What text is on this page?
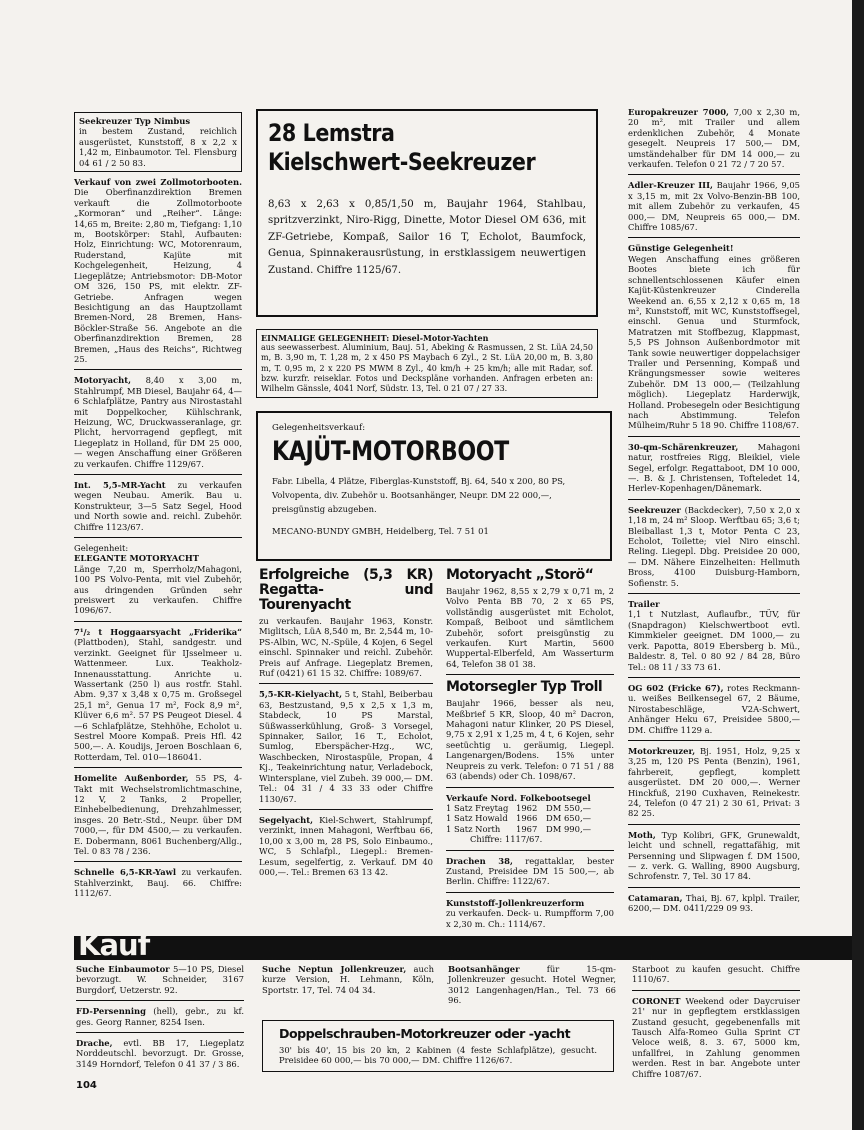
Seekreuzer Typ Nimbus

in bestem Zustand, reichlich ausgerüstet, Kunststoff, 8 x 2,2 x 1,42 m, Einbaumotor. Tel. Flensburg 04 61 / 2 50 83.

Verkauf von zwei Zollmotorbooten. Die Oberfinanzdirektion Bremen verkauft die Zollmotorboote „Kormoran“ und „Reiher“. Länge: 14,65 m, Breite: 2,80 m, Tiefgang: 1,10 m, Bootskörper: Stahl, Aufbauten: Holz, Einrichtung: WC, Motorenraum, Ruderstand, Kajüte mit Kochgelegenheit, Heizung, 4 Liegeplätze; Antriebsmotor: DB-Motor OM 326, 150 PS, mit elektr. ZF-Getriebe. Anfragen wegen Besichtigung an das Hauptzollamt Bremen-Nord, 28 Bremen, Hans-Böckler-Straße 56. Angebote an die Oberfinanzdirektion Bremen, 28 Bremen, „Haus des Reichs“, Richtweg 25.

Motoryacht, 8,40 x 3,00 m, Stahlrumpf, MB Diesel, Baujahr 64, 4—6 Schlafplätze, Pantry aus Nirostastahl mit Doppelkocher, Kühlschrank, Heizung, WC, Druckwasseranlage, gr. Plicht, hervorragend gepflegt, mit Liegeplatz in Holland, für DM 25 000,— wegen Anschaffung einer Größeren zu verkaufen. Chiffre 1129/67.

Int. 5,5-MR-Yacht zu verkaufen wegen Neubau. Amerik. Bau u. Konstrukteur, 3—5 Satz Segel, Hood und North sowie and. reichl. Zubehör. Chiffre 1123/67.

Gelegenheit:

ELEGANTE MOTORYACHT

Länge 7,20 m, Sperrholz/Mahagoni, 100 PS Volvo-Penta, mit viel Zubehör, aus dringenden Gründen sehr preiswert zu verkaufen. Chiffre 1096/67.

7¹/₂ t Hoggaarsyacht „Friderika“ (Plattboden), Stahl, sandgestr. und verzinkt. Geeignet für IJsselmeer u. Wattenmeer. Lux. Teakholz-Innenausstattung. Anrichte u. Wassertank (250 l) aus rostfr. Stahl. Abm. 9,37 x 3,48 x 0,75 m. Großsegel 25,1 m², Genua 17 m², Fock 8,9 m², Klüver 6,6 m². 57 PS Peugeot Diesel. 4—6 Schlafplätze, Stehhöhe, Echolot u. Sestrel Moore Kompaß. Preis Hfl. 42 500,—. A. Koudijs, Jeroen Boschlaan 6, Rotterdam, Tel. 010—186041.

Homelite Außenborder, 55 PS, 4-Takt mit Wechselstromlichtmaschine, 12 V, 2 Tanks, 2 Propeller, Einhebelbedienung, Drehzahlmesser, insges. 20 Betr.-Std., Neupr. über DM 7000,—, für DM 4500,— zu verkaufen. E. Dobermann, 8061 Buchenberg/Allg., Tel. 0 83 78 / 236.

Schnelle 6,5-KR-Yawl zu verkaufen. Stahlverzinkt, Bauj. 66. Chiffre: 1112/67.

28 Lemstra
Kielschwert-Seekreuzer

8,63 x 2,63 x 0,85/1,50 m, Baujahr 1964, Stahlbau, spritzverzinkt, Niro-Rigg, Dinette, Motor Diesel OM 636, mit ZF-Getriebe, Kompaß, Sailor 16 T, Echolot, Baumfock, Genua, Spinnakerausrüstung, in erstklassigem neuwertigen Zustand. Chiffre 1125/67.

EINMALIGE GELEGENHEIT: Diesel-Motor-Yachten

aus seewasserbest. Aluminium, Bauj. 51, Abeking & Rasmussen, 2 St. LüA 24,50 m, B. 3,90 m, T. 1,28 m, 2 x 450 PS Maybach 6 Zyl., 2 St. LüA 20,00 m, B. 3,80 m, T. 0,95 m, 2 x 220 PS MWM 8 Zyl., 40 km/h + 25 km/h; alle mit Radar, sof. bzw. kurzfr. reiseklar. Fotos und Deckspläne vorhanden. Anfragen erbeten an: Wilhelm Gänssle, 4041 Norf, Südstr. 13, Tel. 0 21 07 / 27 33.

Gelegenheitsverkauf:

KAJÜT-MOTORBOOT

Fabr. Libella, 4 Plätze, Fiberglas-Kunststoff, Bj. 64, 540 x 200, 80 PS, Volvopenta, div. Zubehör u. Bootsanhänger, Neupr. DM 22 000,—, preisgünstig abzugeben.

MECANO-BUNDY GMBH, Heidelberg, Tel. 7 51 01

Erfolgreiche (5,3 KR) Regatta- und Tourenyacht

zu verkaufen. Baujahr 1963, Konstr. Miglitsch, LüA 8,540 m, Br. 2,544 m, 10-PS-Albin, WC, N.-Spüle, 4 Kojen, 6 Segel einschl. Spinnaker und reichl. Zubehör. Preis auf Anfrage. Liegeplatz Bremen, Ruf (0421) 61 15 32. Chiffre: 1089/67.

5,5-KR-Kielyacht, 5 t, Stahl, Beiberbau 63, Bestzustand, 9,5 x 2,5 x 1,3 m, Stabdeck, 10 PS Marstal, Süßwasserkühlung, Groß- 3 Vorsegel, Spinnaker, Sailor, 16 T., Echolot, Sumlog, Eberspächer-Hzg., WC, Waschbecken, Nirostaspüle, Propan, 4 Kj., Teakeinrichtung natur, Verladebock, Wintersplane, viel Zubeh. 39 000,— DM. Tel.: 04 31 / 4 33 33 oder Chiffre 1130/67.

Segelyacht, Kiel-Schwert, Stahlrumpf, verzinkt, innen Mahagoni, Werftbau 66, 10,00 x 3,00 m, 28 PS, Solo Einbaumo., WC, 5 Schlafpl., Liegepl.: Bremen-Lesum, segelfertig, z. Verkauf. DM 40 000,—. Tel.: Bremen 63 13 42.

Motoryacht „Storö“

Baujahr 1962, 8,55 x 2,79 x 0,71 m, 2 Volvo Penta BB 70, 2 x 65 PS, vollständig ausgerüstet mit Echolot, Kompaß, Beiboot und sämtlichem Zubehör, sofort preisgünstig zu verkaufen. Kurt Martin, 5600 Wuppertal-Elberfeld, Am Wasserturm 64, Telefon 38 01 38.

Motorsegler Typ Troll

Baujahr 1966, besser als neu, Meßbrief 5 KR, Sloop, 40 m² Dacron, Mahagoni natur Klinker, 20 PS Diesel, 9,75 x 2,91 x 1,25 m, 4 t, 6 Kojen, sehr seetüchtig u. geräumig, Liegepl. Langenargen/Bodens. 15% unter Neupreis zu verk. Telefon: 0 71 51 / 88 63 (abends) oder Ch. 1098/67.

Verkaufe Nord. Folkebootsegel

1 Satz Freytag 1962	DM 550,—
1 Satz Howald 1966	DM 650,—
1 Satz North	1967	DM 990,—

Chiffre: 1117/67.

Drachen 38, regattaklar, bester Zustand, Preisidee DM 15 500,—, ab Berlin. Chiffre: 1122/67.

Kunststoff-Jollenkreuzerform

zu verkaufen. Deck- u. Rumpfform 7,00 x 2,30 m. Ch.: 1114/67.

Europakreuzer 7000, 7,00 x 2,30 m, 20 m², mit Trailer und allem erdenklichen Zubehör, 4 Monate gesegelt. Neupreis 17 500,— DM, umständehalber für DM 14 000,— zu verkaufen. Telefon 0 21 72 / 7 20 57.

Adler-Kreuzer III, Baujahr 1966, 9,05 x 3,15 m, mit 2x Volvo-Benzin-BB 100, mit allem Zubehör zu verkaufen, 45 000,— DM, Neupreis 65 000,— DM. Chiffre 1085/67.

Günstige Gelegenheit!

Wegen Anschaffung eines größeren Bootes biete ich für schnellentschlossenen Käufer einen Kajüt-Küstenkreuzer Cinderella Weekend an. 6,55 x 2,12 x 0,65 m, 18 m², Kunststoff, mit WC, Kunststoffsegel, einschl. Genua und Sturmfock, Matratzen mit Stoffbezug, Klappmast, 5,5 PS Johnson Außenbordmotor mit Tank sowie neuwertiger doppelachsiger Trailer und Persenning, Kompaß und Krängungsmesser sowie weiteres Zubehör. DM 13 000,— (Teilzahlung möglich). Liegeplatz Harderwijk, Holland. Probesegeln oder Besichtigung nach Abstimmung. Telefon Mülheim/Ruhr 5 18 90. Chiffre 1108/67.

30-qm-Schärenkreuzer, Mahagoni natur, rostfreies Rigg, Bleikiel, viele Segel, erfolgr. Regattaboot, DM 10 000,—. B. & J. Christensen, Tofteledet 14, Herlev-Kopenhagen/Dänemark.

Seekreuzer (Backdecker), 7,50 x 2,0 x 1,18 m, 24 m² Sloop. Werftbau 65; 3,6 t; Bleiballast 1,3 t, Motor Penta C 23, Echolot, Toilette; viel Niro einschl. Reling. Liegepl. Dbg. Preisidee 20 000,— DM. Nähere Einzelheiten: Hellmuth Bross, 4100 Duisburg-Hamborn, Sofienstr. 5.

Trailer

1,1 t Nutzlast, Auflaufbr., TÜV, für (Snapdragon) Kielschwertboot evtl. Kimmkieler geeignet. DM 1000,— zu verk. Papotta, 8019 Ebersberg b. Mü., Baldestr. 8, Tel. 0 80 92 / 84 28, Büro Tel.: 08 11 / 33 73 61.

OG 602 (Fricke 67), rotes Reckmann- u. weißes Beilkensegel 67, 2 Bäume, Nirostabeschläge, V2A-Schwert, Anhänger Heku 67, Preisidee 5800,— DM. Chiffre 1129 a.

Motorkreuzer, Bj. 1951, Holz, 9,25 x 3,25 m, 120 PS Penta (Benzin), 1961, fahrbereit, gepflegt, komplett ausgerüstet. DM 20 000,—. Werner Hinckfuß, 2190 Cuxhaven, Reinekestr. 24, Telefon (0 47 21) 2 30 61, Privat: 3 82 25.

Moth, Typ Kolibri, GFK, Grunewaldt, leicht und schnell, regattafähig, mit Persenning und Slipwagen f. DM 1500,— z. verk. G. Walling, 8900 Augsburg, Schrofenstr. 7, Tel. 30 17 84.

Catamaran, Thai, Bj. 67, kplpl. Trailer, 6200,— DM. 0411/229 09 93.

Kauf

Suche Einbaumotor 5—10 PS, Diesel bevorzugt. W. Schneider, 3167 Burgdorf, Uetzerstr. 92.

FD-Persenning (hell), gebr., zu kf. ges. Georg Ranner, 8254 Isen.

Drache, evtl. BB 17, Liegeplatz Norddeutschl. bevorzugt. Dr. Grosse, 3149 Horndorf, Telefon 0 41 37 / 3 86.

Suche Neptun Jollenkreuzer, auch kurze Version, H. Lehmann, Köln, Sportstr. 17, Tel. 74 04 34.

Bootsanhänger	für 15-qm-Jollenkreuzer gesucht. Hotel Wegner, 3012 Langenhagen/Han., Tel. 73 66 96.

Doppelschrauben-Motorkreuzer oder -yacht

30' bis 40', 15 bis 20 kn, 2 Kabinen (4 feste Schlafplätze), gesucht. Preisidee 60 000,— bis 70 000,— DM. Chiffre 1126/67.

Starboot zu kaufen gesucht. Chiffre 1110/67.

CORONET Weekend oder Daycruiser 21' nur in gepflegtem erstklassigen Zustand gesucht, gegebenenfalls mit Tausch Alfa-Romeo Gulia Sprint CT Veloce weiß, 8. 3. 67, 5000 km, unfallfrei, in Zahlung genommen werden. Rest in bar. Angebote unter Chiffre 1087/67.

104
